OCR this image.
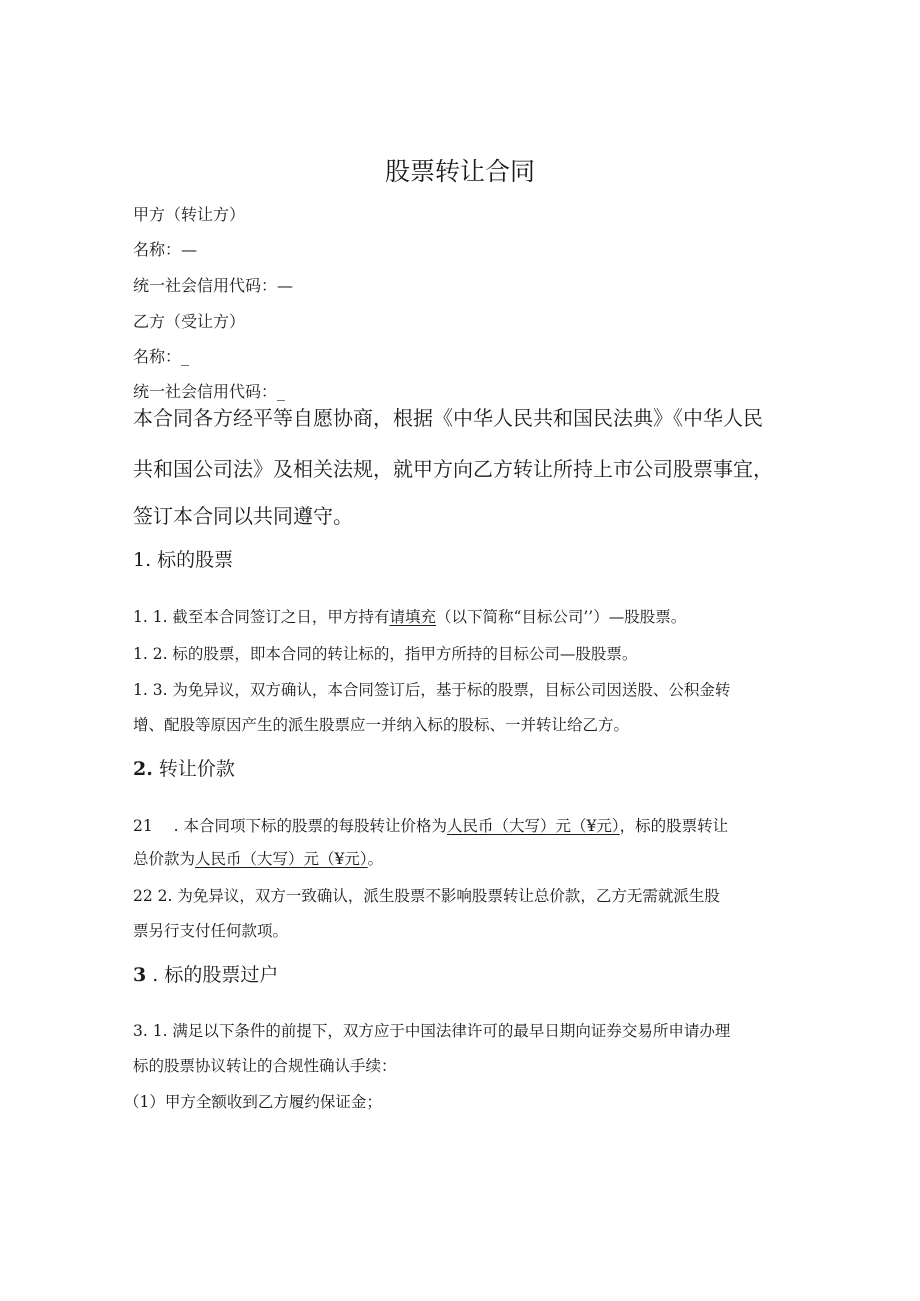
股票转让合同
甲方（转让方）
名称：—
统一社会信用代码：—
乙方（受让方）
名称：_
统一社会信用代码：_
本合同各方经平等自愿协商，根据《中华人民共和国民法典》《中华人民
共和国公司法》及相关法规，就甲方向乙方转让所持上市公司股票事宜，
签订本合同以共同遵守。
1. 标的股票
1. 1. 截至本合同签订之日，甲方持有请填充（以下简称“目标公司’’）—股股票。
1. 2. 标的股票，即本合同的转让标的，指甲方所持的目标公司—股股票。
1. 3. 为免异议，双方确认，本合同签订后，基于标的股票，目标公司因送股、公积金转
增、配股等原因产生的派生股票应一并纳入标的股标、一并转让给乙方。
2. 转让价款
21 . 本合同项下标的股票的每股转让价格为人民币（大写）元（¥元），标的股票转让
总价款为人民币（大写）元（¥元）。
22 2. 为免异议，双方一致确认，派生股票不影响股票转让总价款，乙方无需就派生股
票另行支付任何款项。
3 . 标的股票过户
3. 1. 满足以下条件的前提下，双方应于中国法律许可的最早日期向证券交易所申请办理
标的股票协议转让的合规性确认手续：
（1）甲方全额收到乙方履约保证金；
